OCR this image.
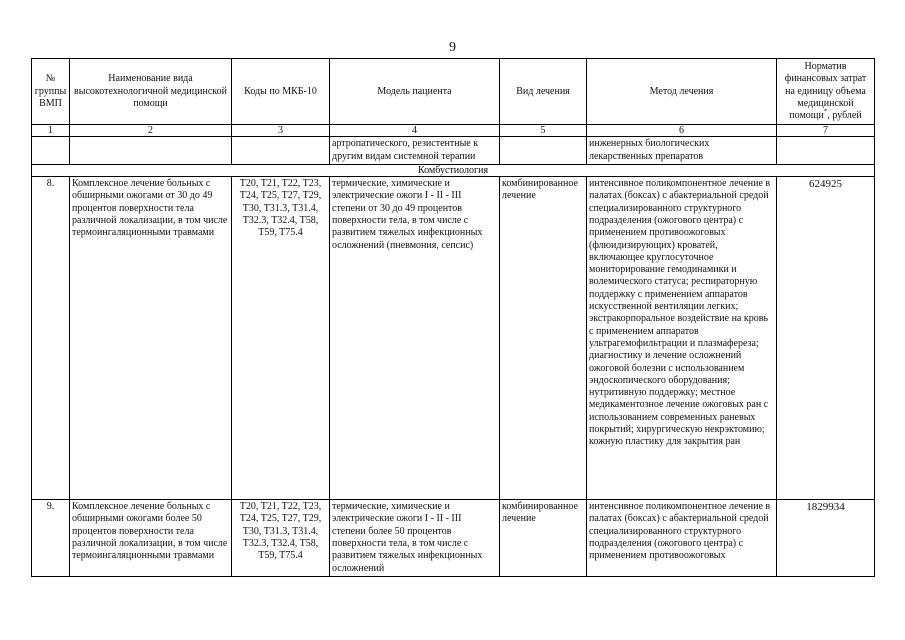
9
№ группы ВМП	Наименование вида высокотехнологичной медицинской помощи	Коды по МКБ-10	Модель пациента	Вид лечения	Метод лечения	Норматив финансовых затрат на единицу объема медицинской помощи*, рублей
1	2	3	4	5	6	7
			артропатического, резистентные к другим видам системной терапии		инженерных биологических лекарственных препаратов	
Комбустиология						
8.	Комплексное лечение больных с обширными ожогами от 30 до 49 процентов поверхности тела различной локализации, в том числе термоингаляционными травмами	T20, T21, T22, T23, T24, T25, T27, T29, T30, T31.3, T31.4, T32.3, T32.4, T58, T59, T75.4	термические, химические и электрические ожоги I - II - III степени от 30 до 49 процентов поверхности тела, в том числе с развитием тяжелых инфекционных осложнений (пневмония, сепсис)	комбинированное лечение	интенсивное поликомпонентное лечение в палатах (боксах) с абактериальной средой специализированного структурного подразделения (ожогового центра) с применением противоожоговых (флюидизирующих) кроватей, включающее круглосуточное мониторирование гемодинамики и волемического статуса; респираторную поддержку с применением аппаратов искусственной вентиляции легких; экстракорпоральное воздействие на кровь с применением аппаратов ультрагемофильтрации и плазмафереза; диагностику и лечение осложнений ожоговой болезни с использованием эндоскопического оборудования; нутритивную поддержку; местное медикаментозное лечение ожоговых ран с использованием современных раневых покрытий; хирургическую некрэктомию; кожную пластику для закрытия ран	624925
9.	Комплексное лечение больных с обширными ожогами более 50 процентов поверхности тела различной локализации, в том числе термоингаляционными травмами	T20, T21, T22, T23, T24, T25, T27, T29, T30, T31.3, T31.4, T32.3, T32.4, T58, T59, T75.4	термические, химические и электрические ожоги I - II - III степени более 50 процентов поверхности тела, в том числе с развитием тяжелых инфекционных осложнений	комбинированное лечение	интенсивное поликомпонентное лечение в палатах (боксах) с абактериальной средой специализированного структурного подразделения (ожогового центра) с применением противоожоговых	1829934
